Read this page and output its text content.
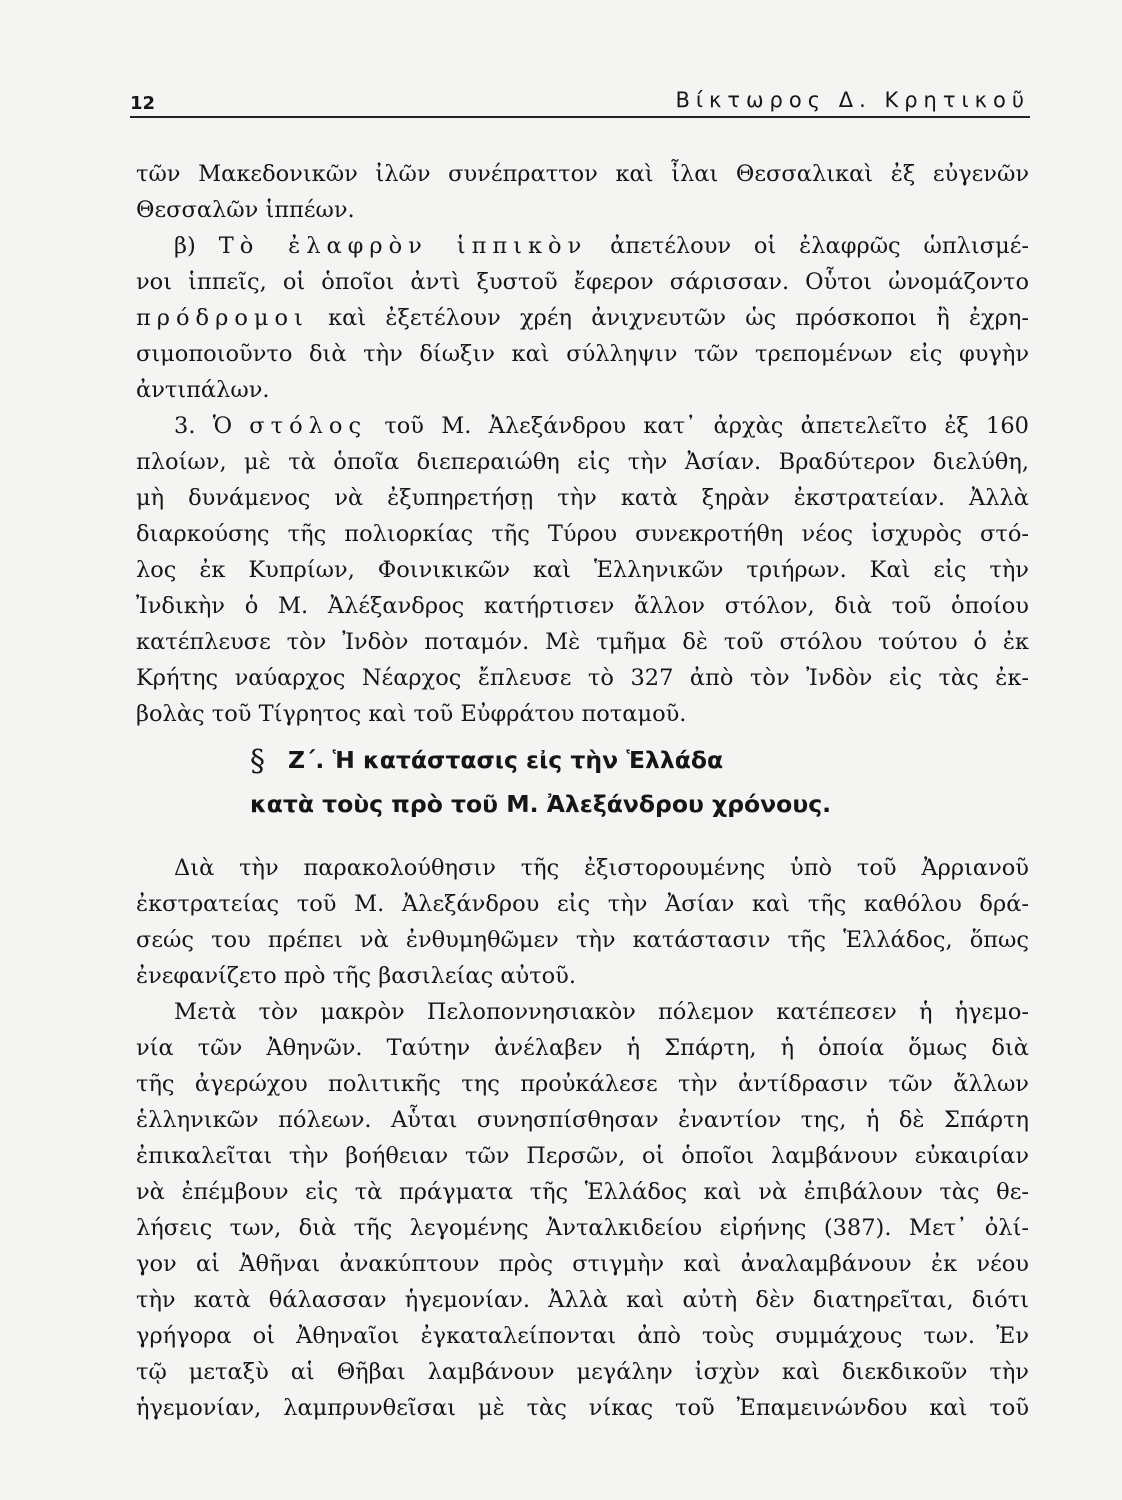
12	Βίκτωρος Δ. Κρητικοῦ
τῶν Μακεδονικῶν ἰλῶν συνέπραττον καὶ ἶλαι Θεσσαλικαὶ ἐξ εὐγενῶν
Θεσσαλῶν ἱππέων.
β) Τὸ ἐλαφρὸν ἱππικὸν ἀπετέλουν οἱ ἐλαφρῶς ὡπλισμέ-
νοι ἱππεῖς, οἱ ὁποῖοι ἀντὶ ξυστοῦ ἔφερον σάρισσαν. Οὗτοι ὠνομάζοντο
πρόδρομοι καὶ ἐξετέλουν χρέη ἀνιχνευτῶν ὡς πρόσκοποι ἢ ἐχρη-
σιμοποιοῦντο διὰ τὴν δίωξιν καὶ σύλληψιν τῶν τρεπομένων εἰς φυγὴν
ἀντιπάλων.
3. Ὁ στόλος τοῦ Μ. Ἀλεξάνδρου κατ᾽ ἀρχὰς ἀπετελεῖτο ἐξ 160
πλοίων, μὲ τὰ ὁποῖα διεπεραιώθη εἰς τὴν Ἀσίαν. Βραδύτερον διελύθη,
μὴ δυνάμενος νὰ ἐξυπηρετήσῃ τὴν κατὰ ξηρὰν ἐκστρατείαν. Ἀλλὰ
διαρκούσης τῆς πολιορκίας τῆς Τύρου συνεκροτήθη νέος ἰσχυρὸς στό-
λος ἐκ Κυπρίων, Φοινικικῶν καὶ Ἑλληνικῶν τριήρων. Καὶ εἰς τὴν
Ἰνδικὴν ὁ Μ. Ἀλέξανδρος κατήρτισεν ἄλλον στόλον, διὰ τοῦ ὁποίου
κατέπλευσε τὸν Ἰνδὸν ποταμόν. Μὲ τμῆμα δὲ τοῦ στόλου τούτου ὁ ἐκ
Κρήτης ναύαρχος Νέαρχος ἔπλευσε τὸ 327 ἀπὸ τὸν Ἰνδὸν εἰς τὰς ἐκ-
βολὰς τοῦ Τίγρητος καὶ τοῦ Εὐφράτου ποταμοῦ.
§ Ζ΄. Ἡ κατάστασις εἰς τὴν Ἑλλάδα
κατὰ τοὺς πρὸ τοῦ Μ. Ἀλεξάνδρου χρόνους.
Διὰ τὴν παρακολούθησιν τῆς ἐξιστορουμένης ὑπὸ τοῦ Ἀρριανοῦ
ἐκστρατείας τοῦ Μ. Ἀλεξάνδρου εἰς τὴν Ἀσίαν καὶ τῆς καθόλου δρά-
σεώς του πρέπει νὰ ἐνθυμηθῶμεν τὴν κατάστασιν τῆς Ἑλλάδος, ὅπως
ἐνεφανίζετο πρὸ τῆς βασιλείας αὐτοῦ.
Μετὰ τὸν μακρὸν Πελοποννησιακὸν πόλεμον κατέπεσεν ἡ ἡγεμο-
νία τῶν Ἀθηνῶν. Ταύτην ἀνέλαβεν ἡ Σπάρτη, ἡ ὁποία ὅμως διὰ
τῆς ἀγερώχου πολιτικῆς της προὐκάλεσε τὴν ἀντίδρασιν τῶν ἄλλων
ἑλληνικῶν πόλεων. Αὗται συνησπίσθησαν ἐναντίον της, ἡ δὲ Σπάρτη
ἐπικαλεῖται τὴν βοήθειαν τῶν Περσῶν, οἱ ὁποῖοι λαμβάνουν εὐκαιρίαν
νὰ ἐπέμβουν εἰς τὰ πράγματα τῆς Ἑλλάδος καὶ νὰ ἐπιβάλουν τὰς θε-
λήσεις των, διὰ τῆς λεγομένης Ἀνταλκιδείου εἰρήνης (387). Μετ᾽ ὀλί-
γον αἱ Ἀθῆναι ἀνακύπτουν πρὸς στιγμὴν καὶ ἀναλαμβάνουν ἐκ νέου
τὴν κατὰ θάλασσαν ἡγεμονίαν. Ἀλλὰ καὶ αὐτὴ δὲν διατηρεῖται, διότι
γρήγορα οἱ Ἀθηναῖοι ἐγκαταλείπονται ἀπὸ τοὺς συμμάχους των. Ἐν
τῷ μεταξὺ αἱ Θῆβαι λαμβάνουν μεγάλην ἰσχὺν καὶ διεκδικοῦν τὴν
ἡγεμονίαν, λαμπρυνθεῖσαι μὲ τὰς νίκας τοῦ Ἐπαμεινώνδου καὶ τοῦ
